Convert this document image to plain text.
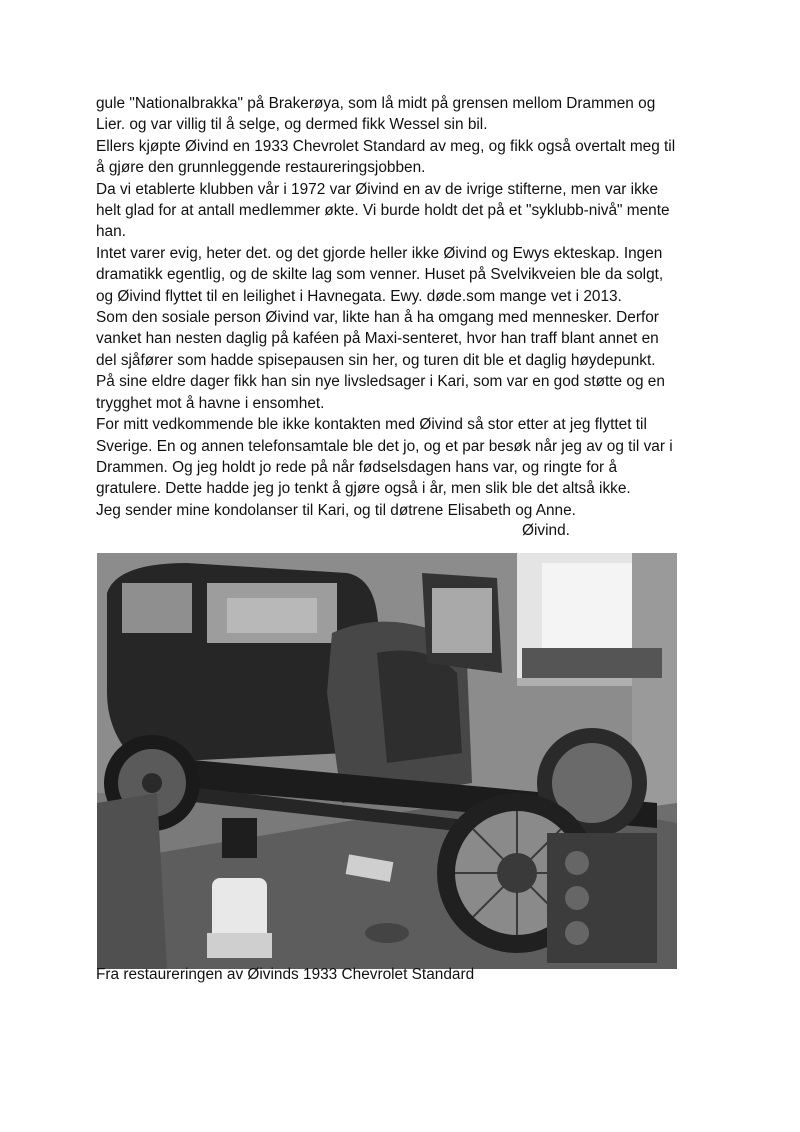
gule "Nationalbrakka" på Brakerøya, som lå midt på grensen mellom Drammen og

Lier. og var villig til å selge, og dermed fikk Wessel sin bil.

Ellers kjøpte Øivind en 1933 Chevrolet Standard av meg, og fikk også overtalt meg til

å gjøre den grunnleggende restaureringsjobben.

Da vi etablerte klubben vår i 1972 var Øivind en av de ivrige stifterne, men var ikke

helt glad for at antall medlemmer økte. Vi burde holdt det på et "syklubb-nivå" mente

han.

Intet varer evig, heter det. og det gjorde heller ikke Øivind og Ewys ekteskap. Ingen

dramatikk egentlig, og de skilte lag som venner. Huset på Svelvikveien ble da solgt,

og Øivind flyttet til en leilighet i Havnegata. Ewy. døde.som mange vet i 2013.

Som den sosiale person Øivind var, likte han å ha omgang med mennesker. Derfor

vanket han nesten daglig på kaféen på Maxi-senteret, hvor han traff blant annet en

del sjåfører som hadde spisepausen sin her, og turen dit ble et daglig høydepunkt.

På sine eldre dager fikk han sin nye livsledsager i Kari, som var en god støtte og en

trygghet mot å havne i ensomhet.

For mitt vedkommende ble ikke kontakten med Øivind så stor etter at jeg flyttet til

Sverige. En og annen telefonsamtale ble det jo, og et par besøk når jeg av og til var i

Drammen. Og jeg holdt jo rede på når fødselsdagen hans var, og ringte for å

gratulere. Dette hadde jeg jo tenkt å gjøre også i år, men slik ble det altså ikke.

Jeg sender mine kondolanser til Kari, og til døtrene Elisabeth og Anne.

Øivind.
Fra restaureringen av Øivinds 1933 Chevrolet Standard
